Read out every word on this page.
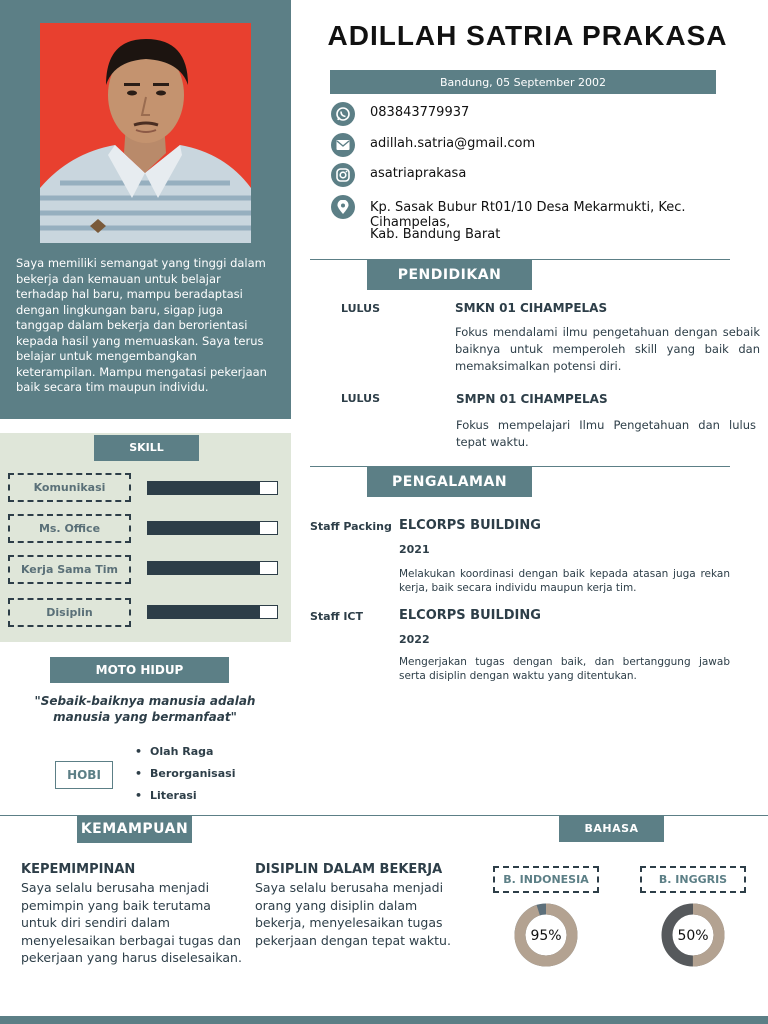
Saya memiliki semangat yang tinggi dalam bekerja dan kemauan untuk belajar terhadap hal baru, mampu beradaptasi dengan lingkungan baru, sigap juga tanggap dalam bekerja dan berorientasi kepada hasil yang memuaskan. Saya terus belajar untuk mengembangkan keterampilan. Mampu mengatasi pekerjaan baik secara tim maupun individu.

SKILL
Komunikasi
Ms. Office
Kerja Sama Tim
Disiplin
MOTO HIDUP

"Sebaik-baiknya manusia adalah manusia yang bermanfaat"

HOBI
• Olah Raga
• Berorganisasi
• Literasi
ADILLAH SATRIA PRAKASA
Bandung, 05 September 2002
083843779937
adillah.satria@gmail.com
asatriaprakasa
Kp. Sasak Bubur Rt01/10 Desa Mekarmukti, Kec. Cihampelas,
Kab. Bandung Barat
PENDIDIKAN
LULUS	SMKN 01 CIHAMPELAS

Fokus mendalami ilmu pengetahuan dengan sebaik baiknya untuk memperoleh skill yang baik dan memaksimalkan potensi diri.

LULUS	SMPN 01 CIHAMPELAS

Fokus mempelajari Ilmu Pengetahuan dan lulus tepat waktu.

PENGALAMAN
Staff Packing ELCORPS BUILDING
2021

Melakukan koordinasi dengan baik kepada atasan juga rekan kerja, baik secara individu maupun kerja tim.

Staff ICT	ELCORPS BUILDING
2022

Mengerjakan tugas dengan baik, dan bertanggung jawab serta disiplin dengan waktu yang ditentukan.

KEMAMPUAN	BAHASA
KEPEMIMPINAN

Saya selalu berusaha menjadi pemimpin yang baik terutama untuk diri sendiri dalam menyelesaikan berbagai tugas dan pekerjaan yang harus diselesaikan.

DISIPLIN DALAM BEKERJA

Saya selalu berusaha menjadi orang yang disiplin dalam bekerja, menyelesaikan tugas pekerjaan dengan tepat waktu.

B. INDONESIA	B. INGGRIS
95%	50%
